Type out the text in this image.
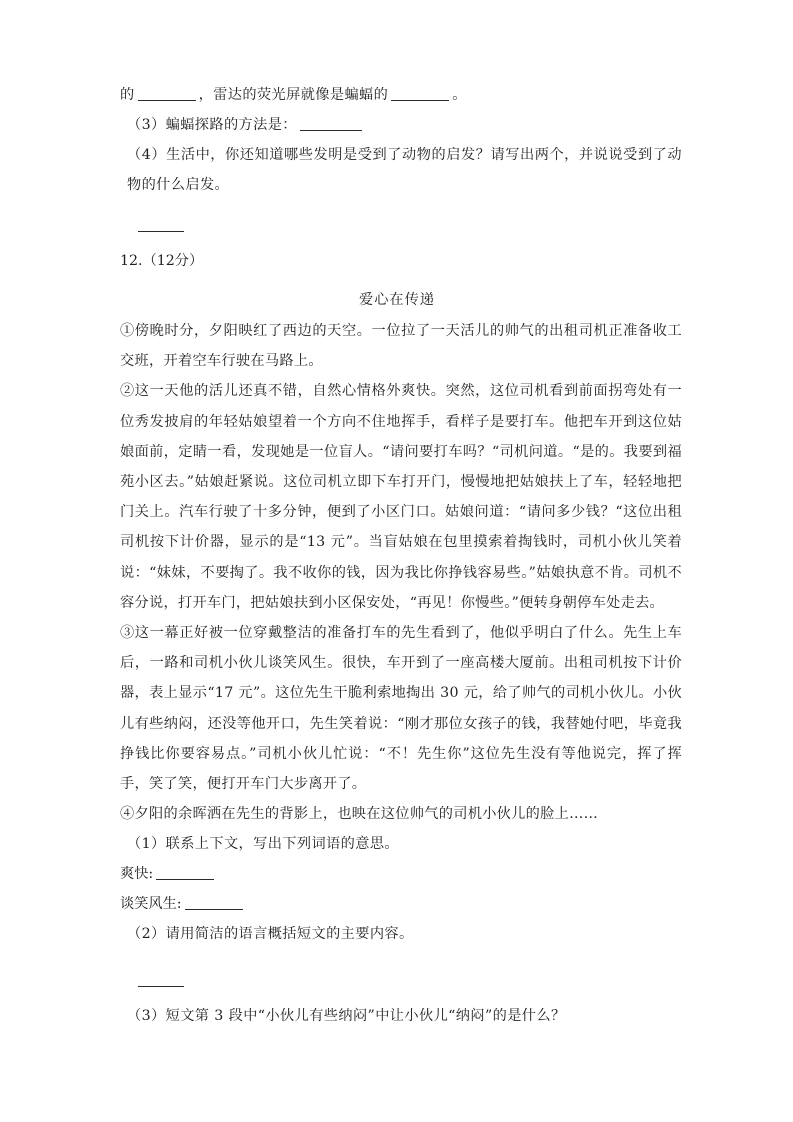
的	，雷达的荧光屏就像是蝙蝠的	。
（3）蝙蝠探路的方法是：
（4）生活中，你还知道哪些发明是受到了动物的启发？请写出两个，并说说受到了动物的什么启发。
12.（12分）
爱心在传递
①傍晚时分，夕阳映红了西边的天空。一位拉了一天活儿的帅气的出租司机正准备收工交班，开着空车行驶在马路上。
②这一天他的活儿还真不错，自然心情格外爽快。突然，这位司机看到前面拐弯处有一位秀发披肩的年轻姑娘望着一个方向不住地挥手，看样子是要打车。他把车开到这位姑娘面前，定睛一看，发现她是一位盲人。“请问要打车吗？“司机问道。“是的。我要到福苑小区去。”姑娘赶紧说。这位司机立即下车打开门，慢慢地把姑娘扶上了车，轻轻地把门关上。汽车行驶了十多分钟，便到了小区门口。姑娘问道：“请问多少钱？“这位出租司机按下计价器，显示的是“13 元”。当盲姑娘在包里摸索着掏钱时，司机小伙儿笑着说：“妹妹，不要掏了。我不收你的钱，因为我比你挣钱容易些。”姑娘执意不肯。司机不容分说，打开车门，把姑娘扶到小区保安处，“再见！你慢些。”便转身朝停车处走去。
③这一幕正好被一位穿戴整洁的准备打车的先生看到了，他似乎明白了什么。先生上车后，一路和司机小伙儿谈笑风生。很快，车开到了一座高楼大厦前。出租司机按下计价器，表上显示“17 元”。这位先生干脆利索地掏出 30 元，给了帅气的司机小伙儿。小伙儿有些纳闷，还没等他开口，先生笑着说：“刚才那位女孩子的钱，我替她付吧，毕竟我挣钱比你要容易点。”司机小伙儿忙说：“不！先生你”这位先生没有等他说完，挥了挥手，笑了笑，便打开车门大步离开了。
④夕阳的余晖洒在先生的背影上，也映在这位帅气的司机小伙儿的脸上……
（1）联系上下文，写出下列词语的意思。
爽快:
谈笑风生:
（2）请用简洁的语言概括短文的主要内容。
（3）短文第 3 段中“小伙儿有些纳闷”中让小伙儿“纳闷”的是什么？
